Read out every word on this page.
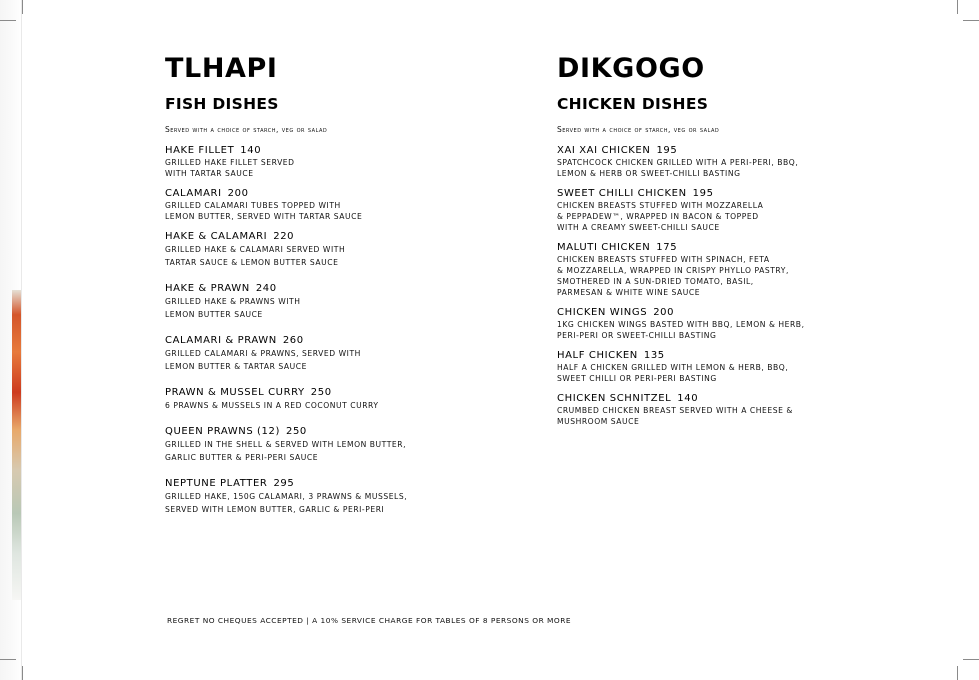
TLHAPI
FISH DISHES

Served with a choice of starch, veg or salad

HAKE FILLET 140
GRILLED HAKE FILLET SERVED
WITH TARTAR SAUCE
CALAMARI 200
GRILLED CALAMARI TUBES TOPPED WITH
LEMON BUTTER, SERVED WITH TARTAR SAUCE
HAKE & CALAMARI 220
GRILLED HAKE & CALAMARI SERVED WITH
TARTAR SAUCE & LEMON BUTTER SAUCE
HAKE & PRAWN 240
GRILLED HAKE & PRAWNS WITH
LEMON BUTTER SAUCE
CALAMARI & PRAWN 260
GRILLED CALAMARI & PRAWNS, SERVED WITH
LEMON BUTTER & TARTAR SAUCE
PRAWN & MUSSEL CURRY 250
6 PRAWNS & MUSSELS IN A RED COCONUT CURRY
QUEEN PRAWNS (12) 250
GRILLED IN THE SHELL & SERVED WITH LEMON BUTTER,
GARLIC BUTTER & PERI-PERI SAUCE
NEPTUNE PLATTER 295
GRILLED HAKE, 150G CALAMARI, 3 PRAWNS & MUSSELS,
SERVED WITH LEMON BUTTER, GARLIC & PERI-PERI
DIKGOGO
CHICKEN DISHES

Served with a choice of starch, veg or salad

XAI XAI CHICKEN 195
SPATCHCOCK CHICKEN GRILLED WITH A PERI-PERI, BBQ,
LEMON & HERB OR SWEET-CHILLI BASTING
SWEET CHILLI CHICKEN 195
CHICKEN BREASTS STUFFED WITH MOZZARELLA
& PEPPADEW™, WRAPPED IN BACON & TOPPED
WITH A CREAMY SWEET-CHILLI SAUCE
MALUTI CHICKEN 175
CHICKEN BREASTS STUFFED WITH SPINACH, FETA
& MOZZARELLA, WRAPPED IN CRISPY PHYLLO PASTRY,
SMOTHERED IN A SUN-DRIED TOMATO, BASIL,
PARMESAN & WHITE WINE SAUCE
CHICKEN WINGS 200
1KG CHICKEN WINGS BASTED WITH BBQ, LEMON & HERB,
PERI-PERI OR SWEET-CHILLI BASTING
HALF CHICKEN 135
HALF A CHICKEN GRILLED WITH LEMON & HERB, BBQ,
SWEET CHILLI OR PERI-PERI BASTING
CHICKEN SCHNITZEL 140
CRUMBED CHICKEN BREAST SERVED WITH A CHEESE &
MUSHROOM SAUCE
REGRET NO CHEQUES ACCEPTED | A 10% SERVICE CHARGE FOR TABLES OF 8 PERSONS OR MORE
